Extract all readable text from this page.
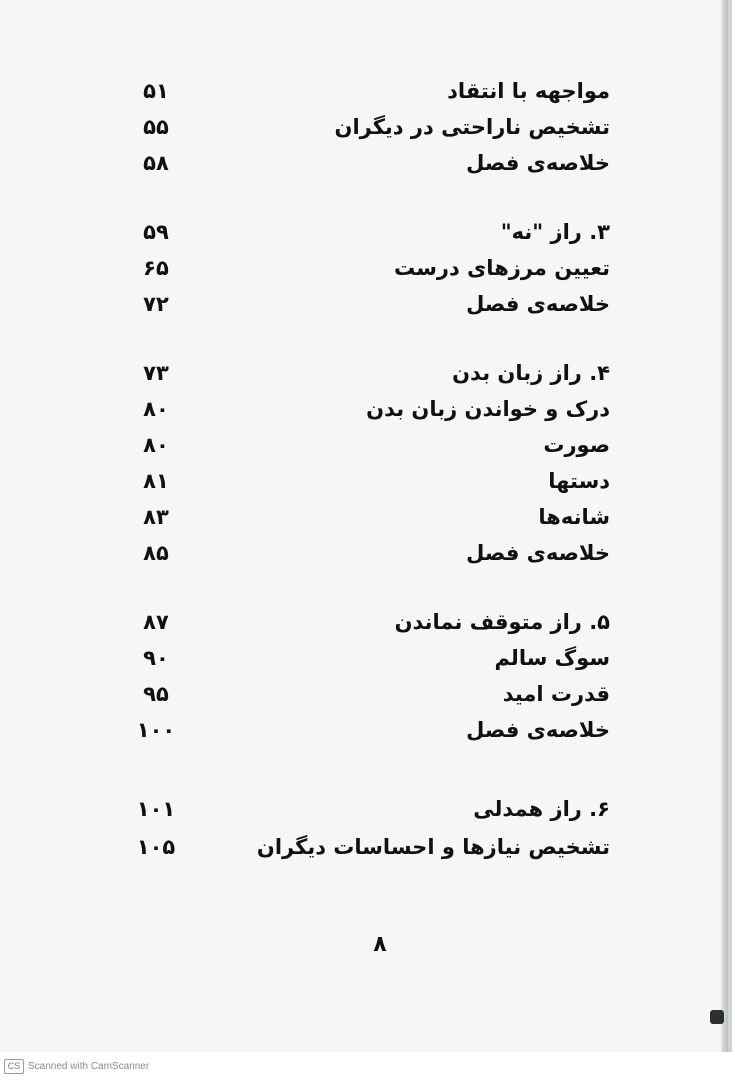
مواجهه با انتقاد
۵۱
تشخیص ناراحتی در دیگران
۵۵
خلاصه‌ی فصل
۵۸
۳. راز "نه"
۵۹
تعیین مرزهای درست
۶۵
خلاصه‌ی فصل
۷۲
۴. راز زبان بدن
۷۳
درک و خواندن زبان بدن
۸۰
صورت
۸۰
دستها
۸۱
شانه‌ها
۸۳
خلاصه‌ی فصل
۸۵
۵. راز متوقف نماندن
۸۷
سوگ سالم
۹۰
قدرت امید
۹۵
خلاصه‌ی فصل
۱۰۰
۶. راز همدلی
۱۰۱
تشخیص نیازها و احساسات دیگران
۱۰۵
۸
CS Scanned with CamScanner
